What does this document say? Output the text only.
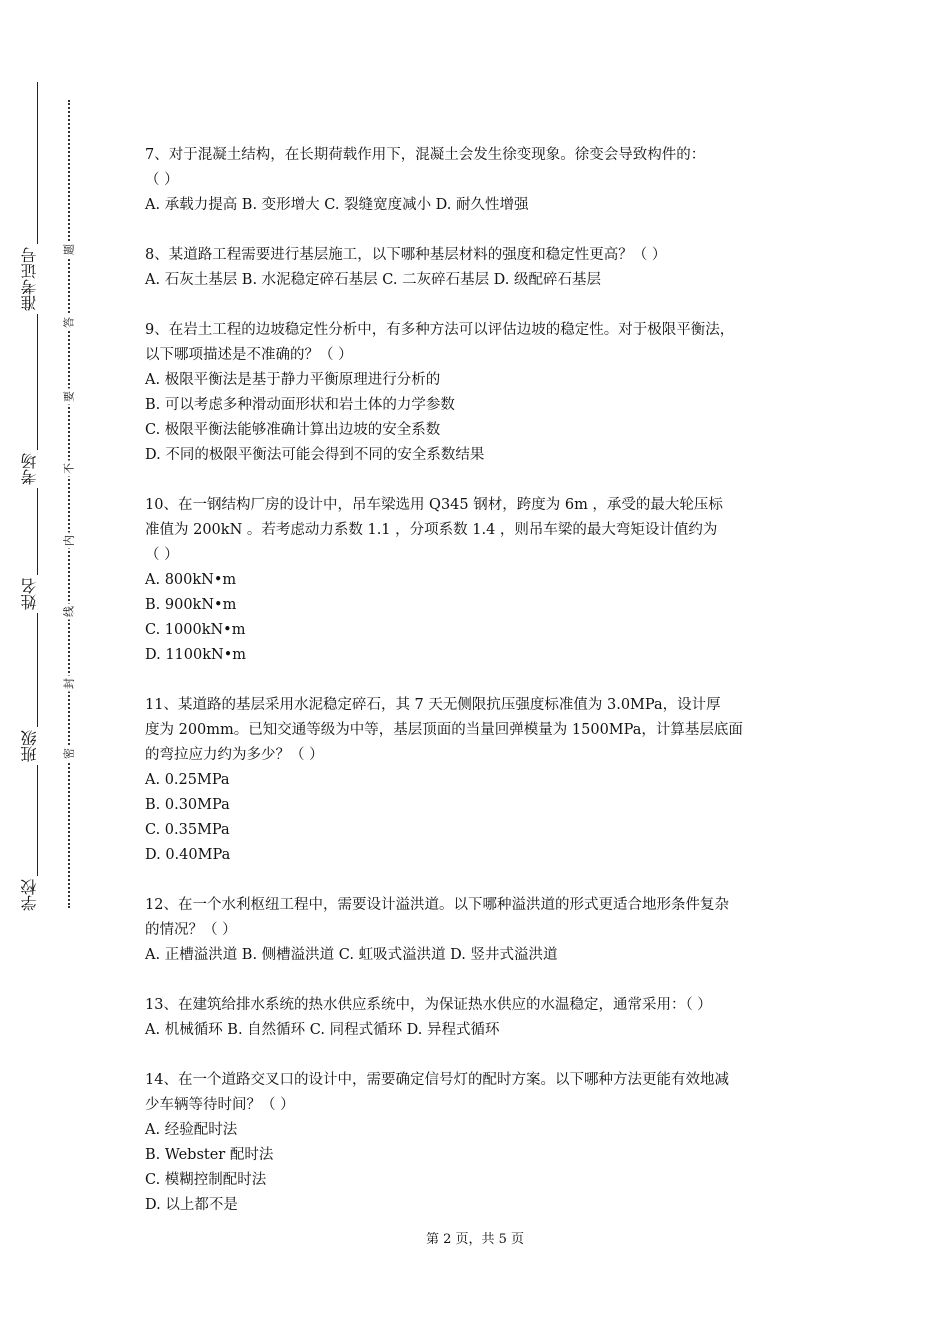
准考证号
考场
姓名
班级
学校
题
答
要
不
内
线
封
密
7、对于混凝土结构，在长期荷载作用下，混凝土会发生徐变现象。徐变会导致构件的：
（ ）
A. 承载力提高 B. 变形增大 C. 裂缝宽度减小 D. 耐久性增强
8、某道路工程需要进行基层施工，以下哪种基层材料的强度和稳定性更高？（ ）
A. 石灰土基层 B. 水泥稳定碎石基层 C. 二灰碎石基层 D. 级配碎石基层
9、在岩土工程的边坡稳定性分析中，有多种方法可以评估边坡的稳定性。对于极限平衡法，
以下哪项描述是不准确的？（ ）
A. 极限平衡法是基于静力平衡原理进行分析的
B. 可以考虑多种滑动面形状和岩土体的力学参数
C. 极限平衡法能够准确计算出边坡的安全系数
D. 不同的极限平衡法可能会得到不同的安全系数结果
10、在一钢结构厂房的设计中，吊车梁选用 Q345 钢材，跨度为 6m ，承受的最大轮压标
准值为 200kN 。若考虑动力系数 1.1 ，分项系数 1.4 ，则吊车梁的最大弯矩设计值约为
（ ）
A. 800kN•m
B. 900kN•m
C. 1000kN•m
D. 1100kN•m
11、某道路的基层采用水泥稳定碎石，其 7 天无侧限抗压强度标准值为 3.0MPa，设计厚
度为 200mm。已知交通等级为中等，基层顶面的当量回弹模量为 1500MPa，计算基层底面
的弯拉应力约为多少？（ ）
A. 0.25MPa
B. 0.30MPa
C. 0.35MPa
D. 0.40MPa
12、在一个水利枢纽工程中，需要设计溢洪道。以下哪种溢洪道的形式更适合地形条件复杂
的情况？（ ）
A. 正槽溢洪道 B. 侧槽溢洪道 C. 虹吸式溢洪道 D. 竖井式溢洪道
13、在建筑给排水系统的热水供应系统中，为保证热水供应的水温稳定，通常采用：（ ）
A. 机械循环 B. 自然循环 C. 同程式循环 D. 异程式循环
14、在一个道路交叉口的设计中，需要确定信号灯的配时方案。以下哪种方法更能有效地减
少车辆等待时间？（ ）
A. 经验配时法
B. Webster 配时法
C. 模糊控制配时法
D. 以上都不是
第 2 页，共 5 页
